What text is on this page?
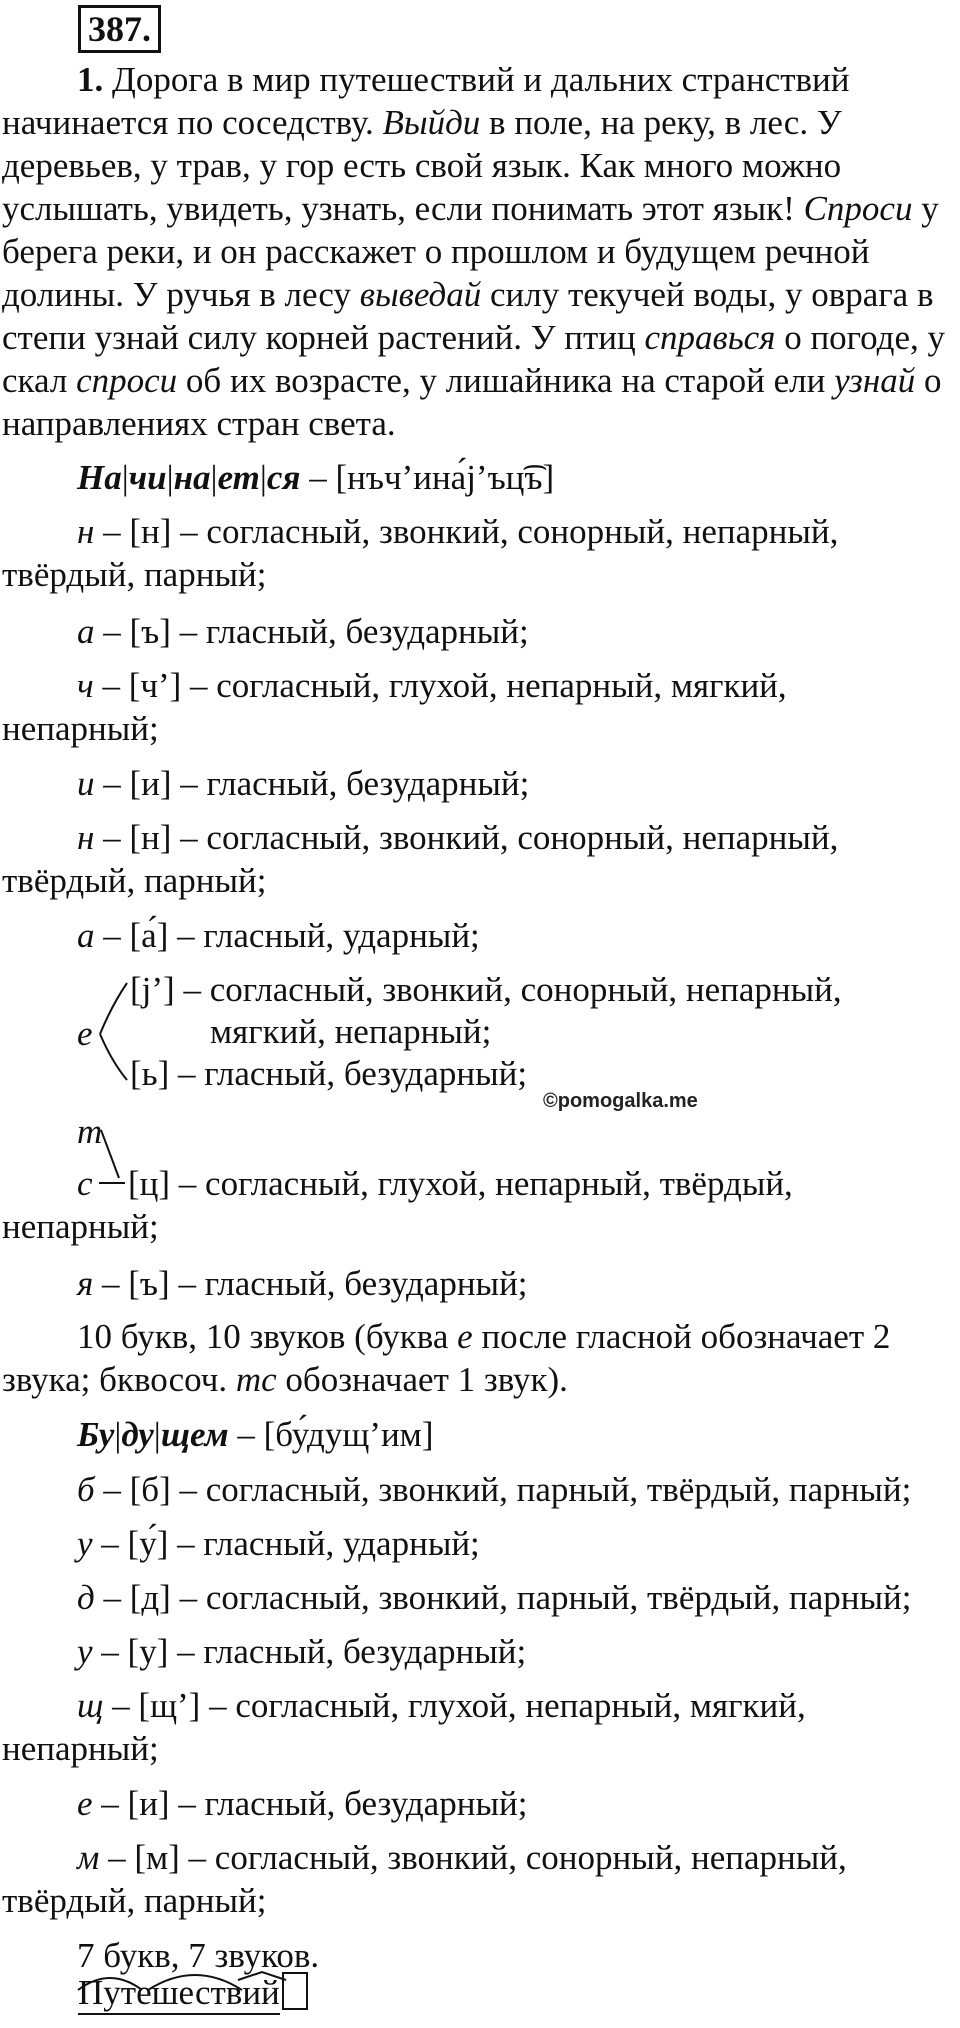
387.

1. Дорога в мир путешествий и дальних странствий начинается по соседству. Выйди в поле, на реку, в лес. У деревьев, у трав, у гор есть свой язык. Как много можно услышать, увидеть, узнать, если понимать этот язык! Спроси у берега реки, и он расскажет о прошлом и будущем речной долины. У ручья в лесу выведай силу текучей воды, у оврага в степи узнай силу корней растений. У птиц справься о погоде, у скал спроси об их возрасте, у лишайника на старой ели узнай о направлениях стран света.

На|чи|на|ет|ся – [нъч’ина́j’ъц͡ъ]
н – [н] – согласный, звонкий, сонорный, непарный,
твёрдый, парный;
а – [ъ] – гласный, безударный;
ч – [ч’] – согласный, глухой, непарный, мягкий,
непарный;
и – [и] – гласный, безударный;
н – [н] – согласный, звонкий, сонорный, непарный,
твёрдый, парный;
а – [а́] – гласный, ударный;
е
[j’] – согласный, звонкий, сонорный, непарный,
мягкий, непарный;
[ь] – гласный, безударный;
©pomogalka.me
т
с [ц] – согласный, глухой, непарный, твёрдый,
непарный;
я – [ъ] – гласный, безударный;

10 букв, 10 звуков (буква е после гласной обозначает 2 звука; бквосоч. тс обозначает 1 звук).

Бу|ду|щем – [бу́дущ’им]
б – [б] – согласный, звонкий, парный, твёрдый, парный;
у – [у́] – гласный, ударный;
д – [д] – согласный, звонкий, парный, твёрдый, парный;
у – [у] – гласный, безударный;
щ – [щ’] – согласный, глухой, непарный, мягкий,
непарный;
е – [и] – гласный, безударный;
м – [м] – согласный, звонкий, сонорный, непарный,
твёрдый, парный;
7 букв, 7 звуков.
Путешествий
